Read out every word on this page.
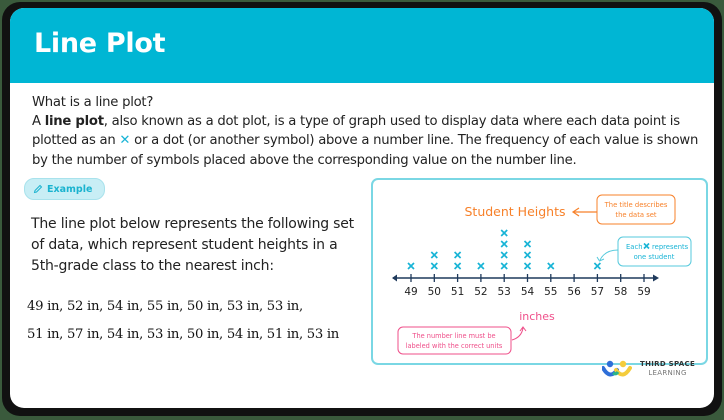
Line Plot
What is a line plot?
A line plot, also known as a dot plot, is a type of graph used to display data where each data point is plotted as an ✕ or a dot (or another symbol) above a number line. The frequency of each value is shown by the number of symbols placed above the corresponding value on the number line.
Example
The line plot below represents the following set of data, which represent student heights in a 5th-grade class to the nearest inch:
49 in, 52 in, 54 in, 55 in, 50 in, 53 in, 53 in,
51 in, 57 in, 54 in, 53 in, 50 in, 54 in, 51 in, 53 in
Student Heights	The title describes
the data set
Each represents
one student
49 50 51 52 53 54 55 56 57 58 59
inches
The number line must be
labeled with the correct units
THIRD SPACE
LEARNING
